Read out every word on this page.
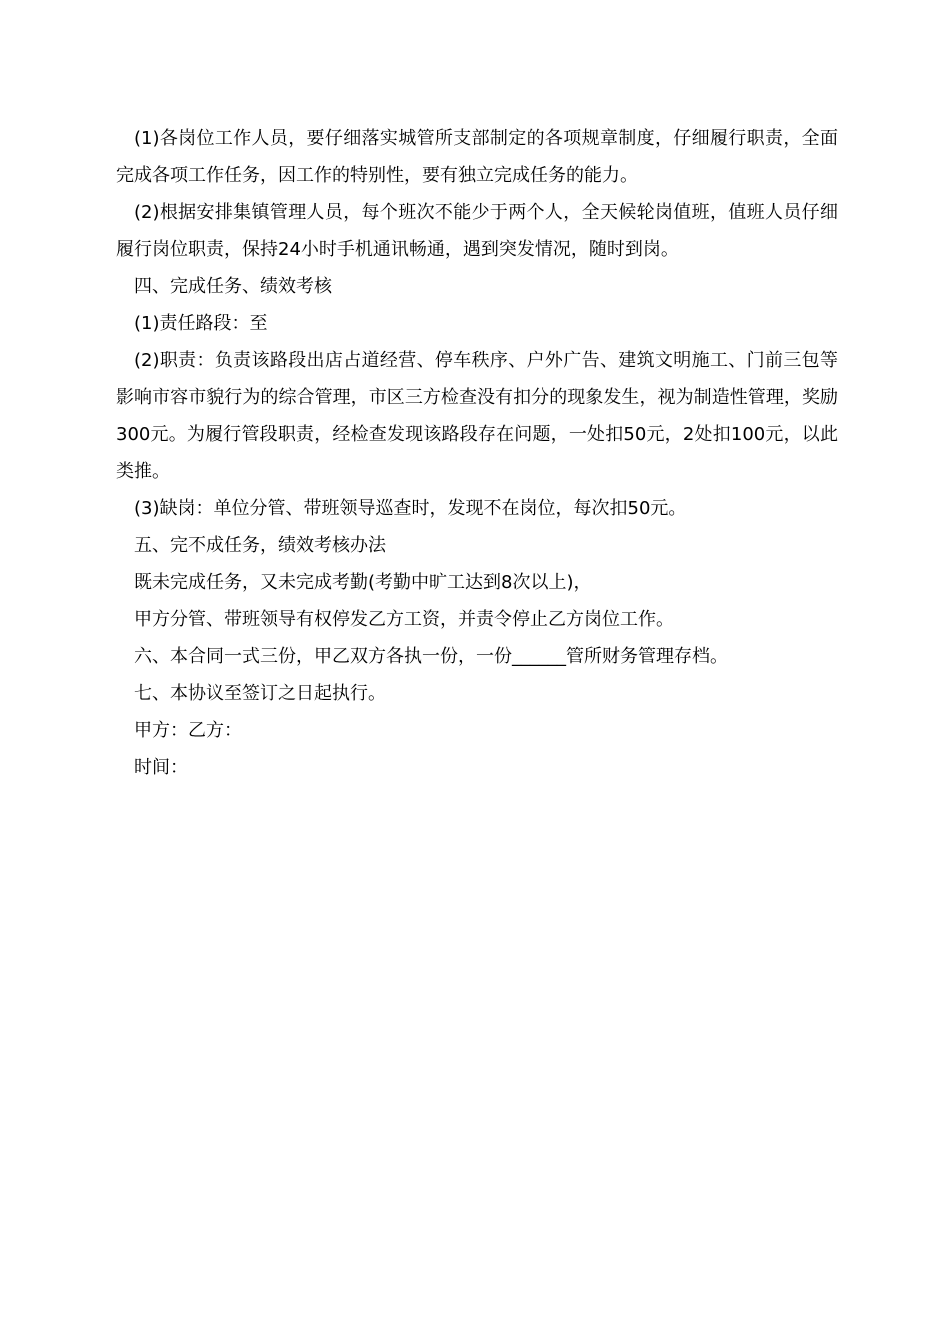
(1)各岗位工作人员，要仔细落实城管所支部制定的各项规章制度，仔细履行职责，全面完成各项工作任务，因工作的特别性，要有独立完成任务的能力。

(2)根据安排集镇管理人员，每个班次不能少于两个人，全天候轮岗值班，值班人员仔细履行岗位职责，保持24小时手机通讯畅通，遇到突发情况，随时到岗。

四、完成任务、绩效考核

(1)责任路段：至

(2)职责：负责该路段出店占道经营、停车秩序、户外广告、建筑文明施工、门前三包等影响市容市貌行为的综合管理，市区三方检查没有扣分的现象发生，视为制造性管理，奖励300元。为履行管段职责，经检查发现该路段存在问题，一处扣50元，2处扣100元，以此类推。

(3)缺岗：单位分管、带班领导巡查时，发现不在岗位，每次扣50元。

五、完不成任务，绩效考核办法

既未完成任务，又未完成考勤(考勤中旷工达到8次以上)，

甲方分管、带班领导有权停发乙方工资，并责令停止乙方岗位工作。

六、本合同一式三份，甲乙双方各执一份，一份______管所财务管理存档。

七、本协议至签订之日起执行。

甲方：乙方：

时间：
